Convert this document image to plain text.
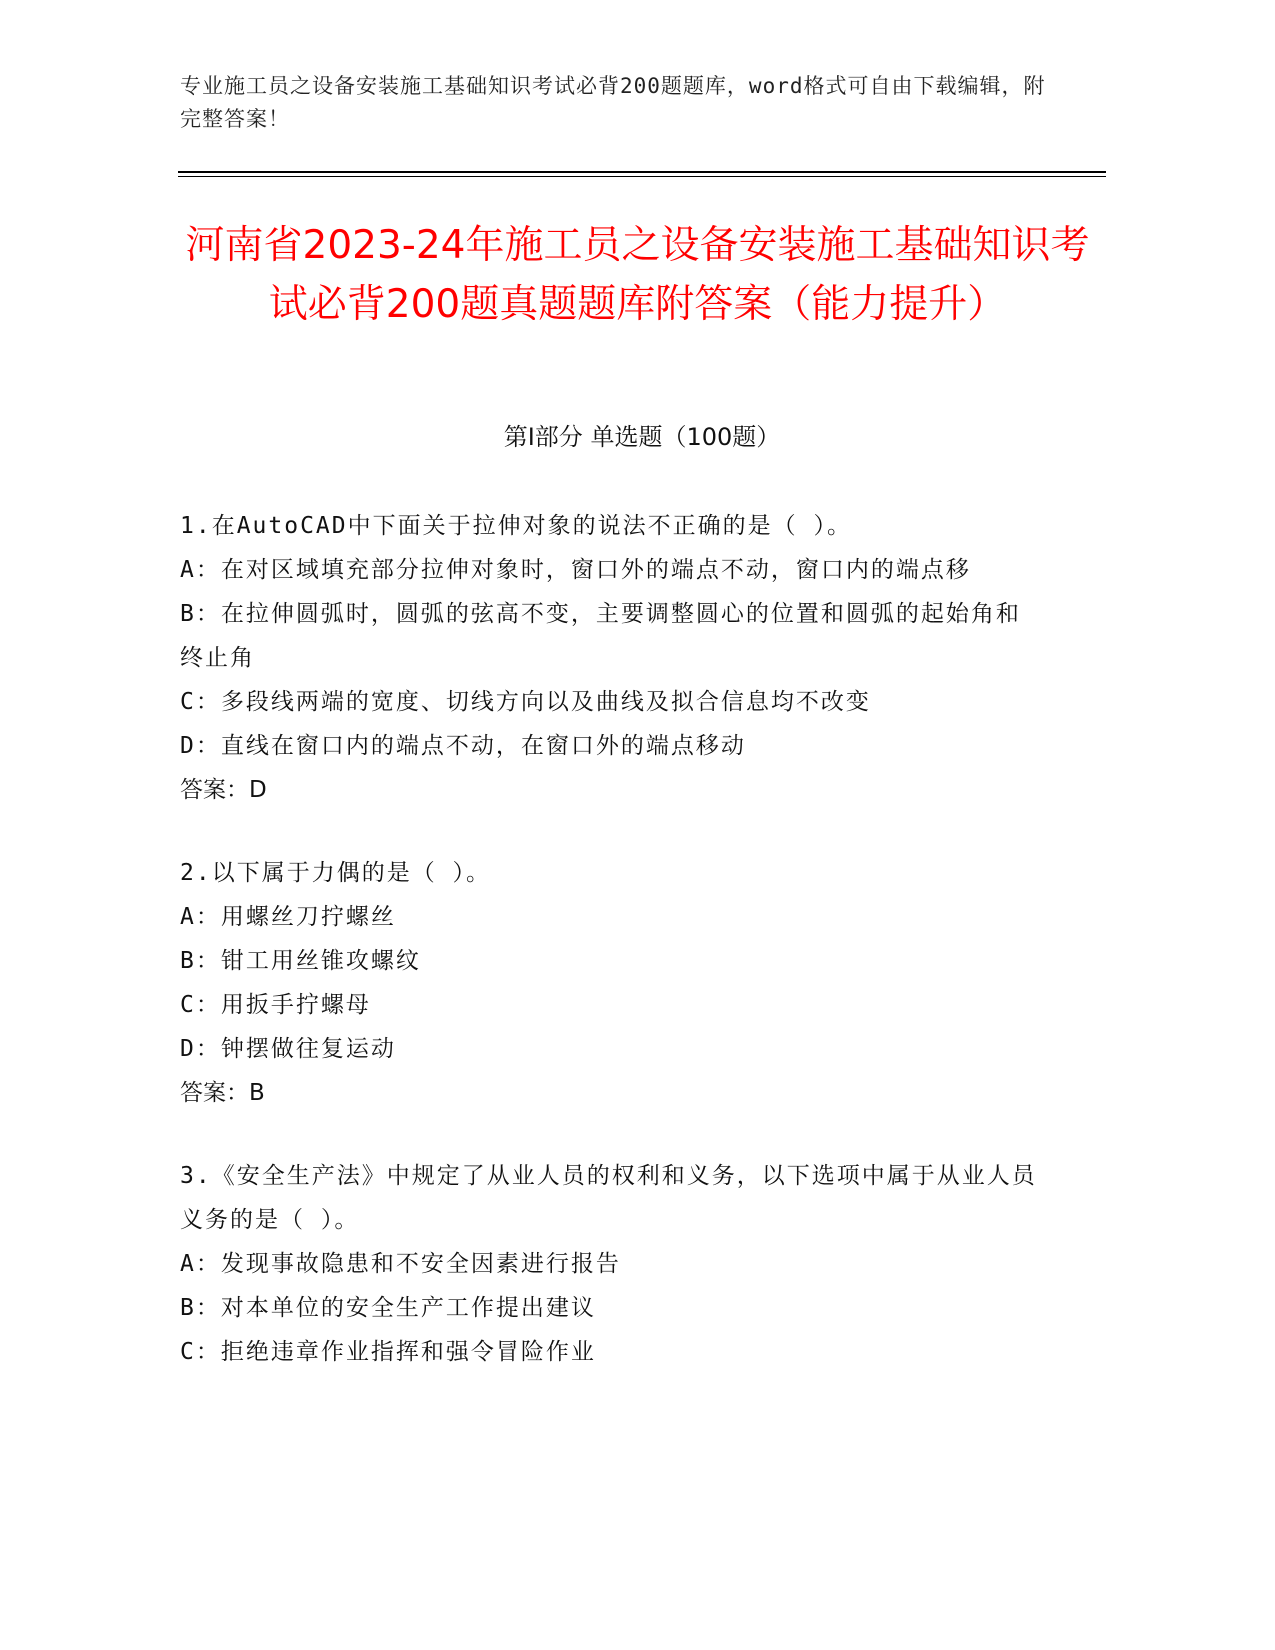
专业施工员之设备安装施工基础知识考试必背200题题库，word格式可自由下载编辑，附完整答案！
河南省2023-24年施工员之设备安装施工基础知识考试必背200题真题题库附答案（能力提升）
第Ⅰ部分 单选题（100题）

1.在AutoCAD中下面关于拉伸对象的说法不正确的是（ ）。

A：在对区域填充部分拉伸对象时，窗口外的端点不动，窗口内的端点移

B：在拉伸圆弧时，圆弧的弦高不变，主要调整圆心的位置和圆弧的起始角和终止角

C：多段线两端的宽度、切线方向以及曲线及拟合信息均不改变

D：直线在窗口内的端点不动，在窗口外的端点移动

答案：D

2.以下属于力偶的是（ ）。

A：用螺丝刀拧螺丝

B：钳工用丝锥攻螺纹

C：用扳手拧螺母

D：钟摆做往复运动

答案：B

3.《安全生产法》中规定了从业人员的权利和义务，以下选项中属于从业人员义务的是（ ）。

A：发现事故隐患和不安全因素进行报告

B：对本单位的安全生产工作提出建议

C：拒绝违章作业指挥和强令冒险作业
